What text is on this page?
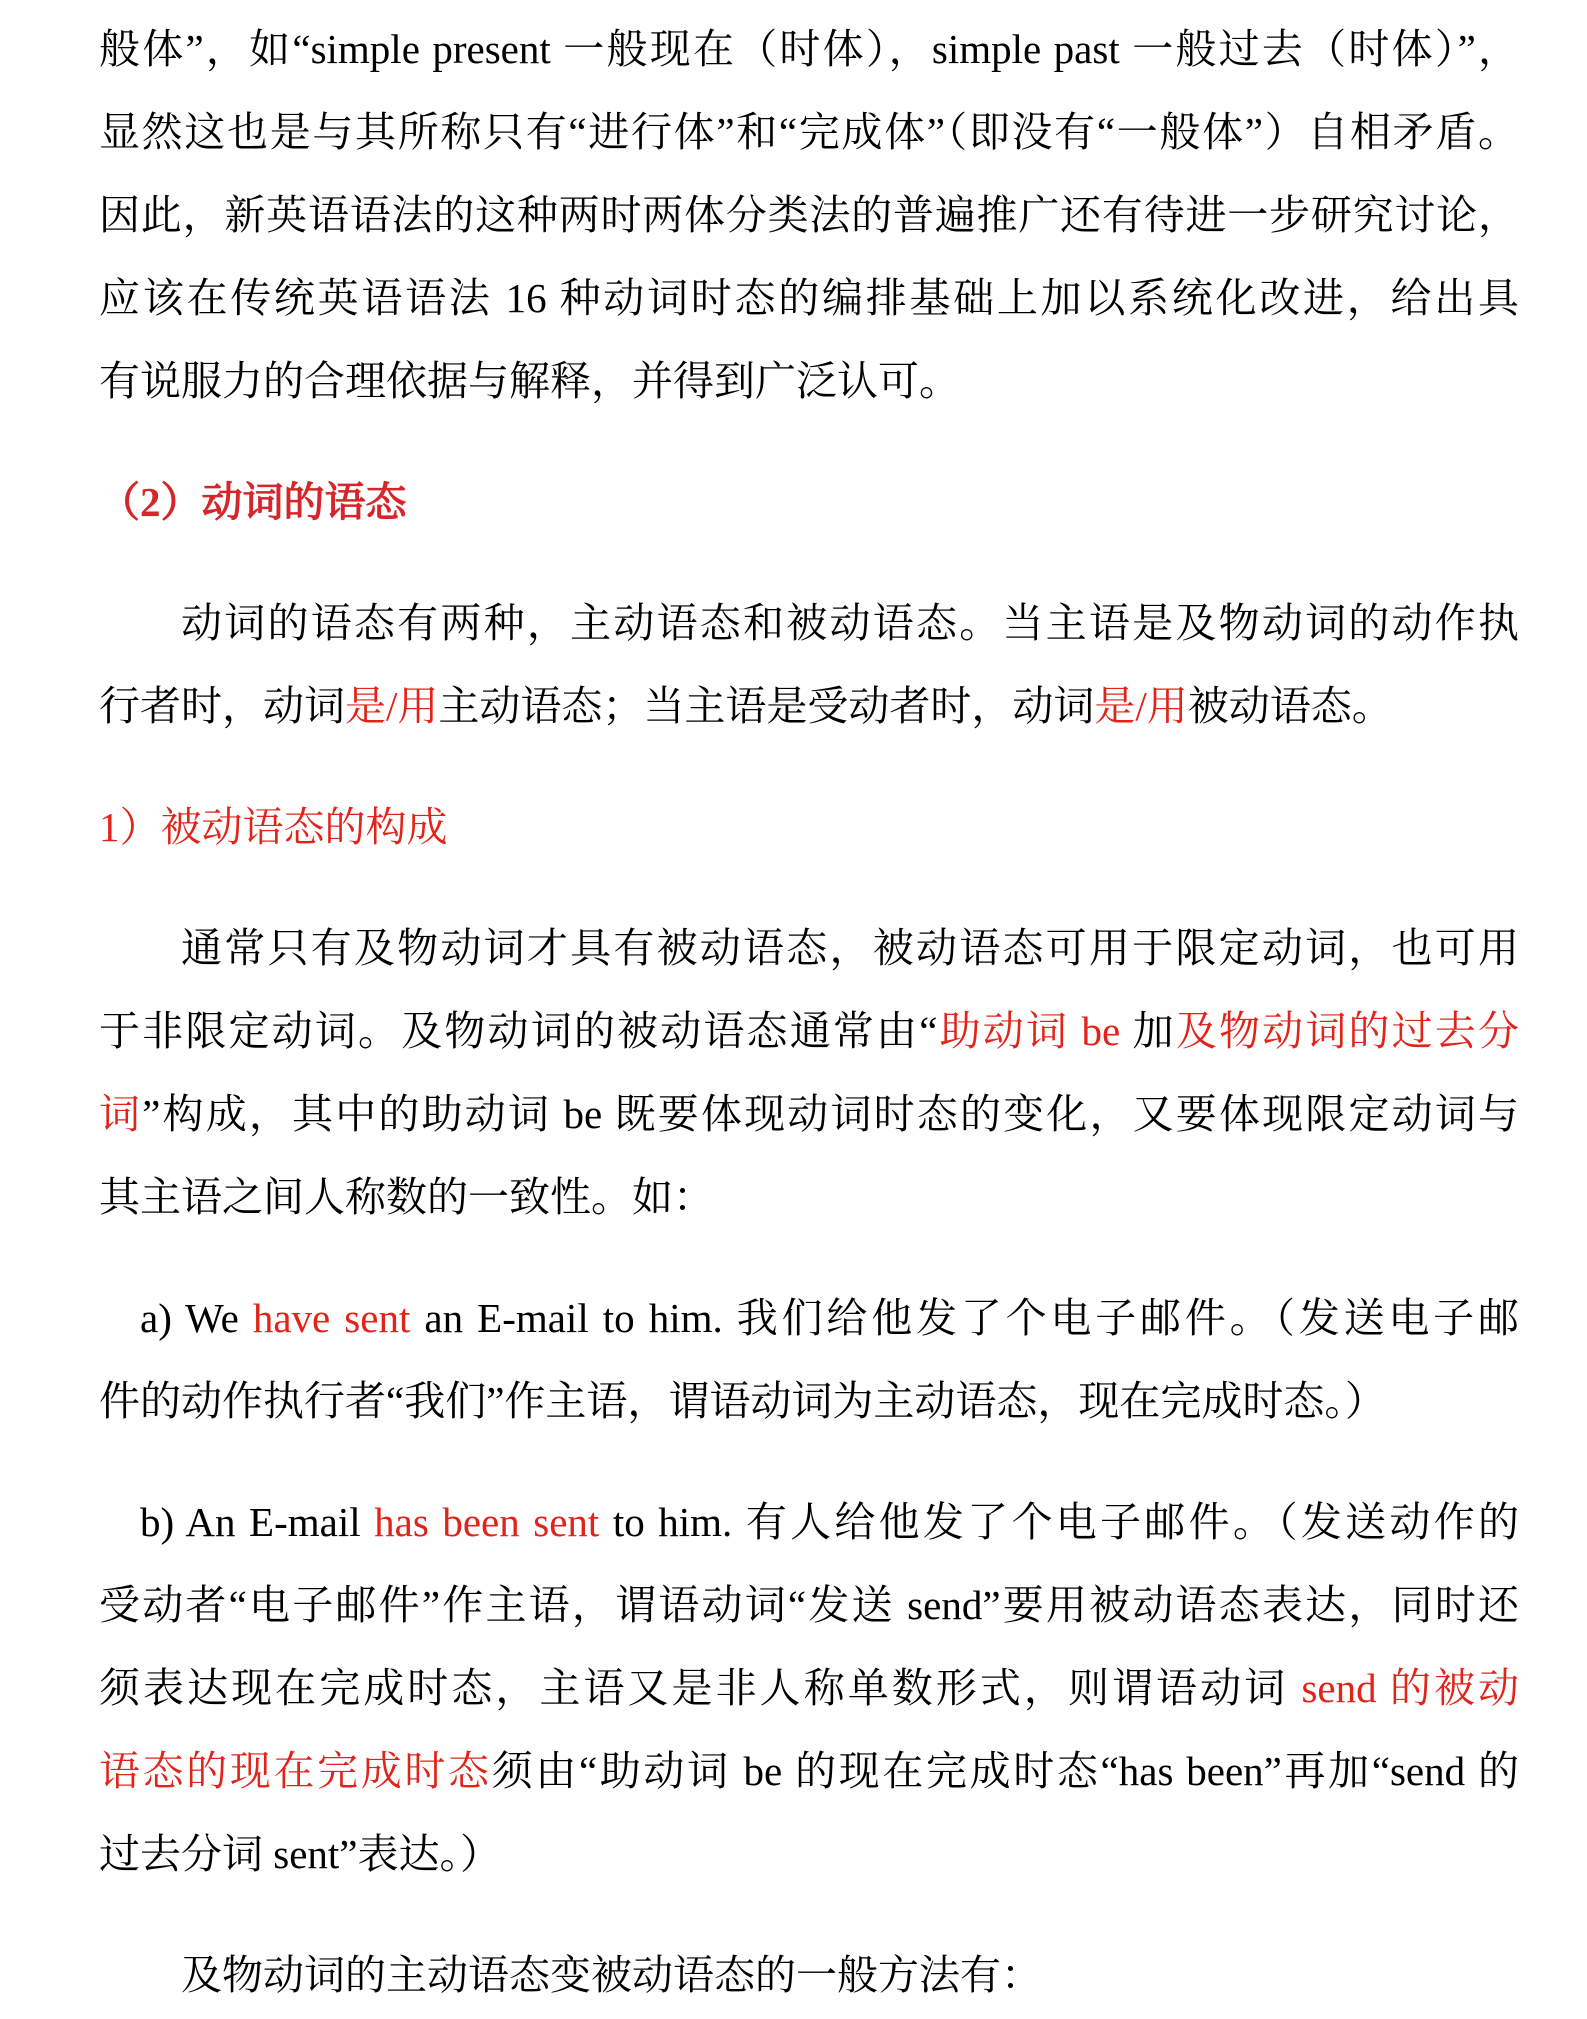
般体”，如“simple present 一般现在（时体），simple past 一般过去（时体）”，
显然这也是与其所称只有“进行体”和“完成体”（即没有“一般体”）自相矛盾。
因此，新英语语法的这种两时两体分类法的普遍推广还有待进一步研究讨论，
应该在传统英语语法 16 种动词时态的编排基础上加以系统化改进，给出具
有说服力的合理依据与解释，并得到广泛认可。
（2）动词的语态
动词的语态有两种，主动语态和被动语态。当主语是及物动词的动作执
行者时，动词是/用主动语态；当主语是受动者时，动词是/用被动语态。
1）被动语态的构成
通常只有及物动词才具有被动语态，被动语态可用于限定动词，也可用
于非限定动词。及物动词的被动语态通常由“助动词 be 加及物动词的过去分
词”构成，其中的助动词 be 既要体现动词时态的变化，又要体现限定动词与
其主语之间人称数的一致性。如：
a) We have sent an E-mail to him. 我们给他发了个电子邮件。（发送电子邮
件的动作执行者“我们”作主语，谓语动词为主动语态，现在完成时态。）
b) An E-mail has been sent to him. 有人给他发了个电子邮件。（发送动作的
受动者“电子邮件”作主语，谓语动词“发送 send”要用被动语态表达，同时还
须表达现在完成时态，主语又是非人称单数形式，则谓语动词 send 的被动
语态的现在完成时态须由“助动词 be 的现在完成时态“has been”再加“send 的
过去分词 sent”表达。）
及物动词的主动语态变被动语态的一般方法有：
